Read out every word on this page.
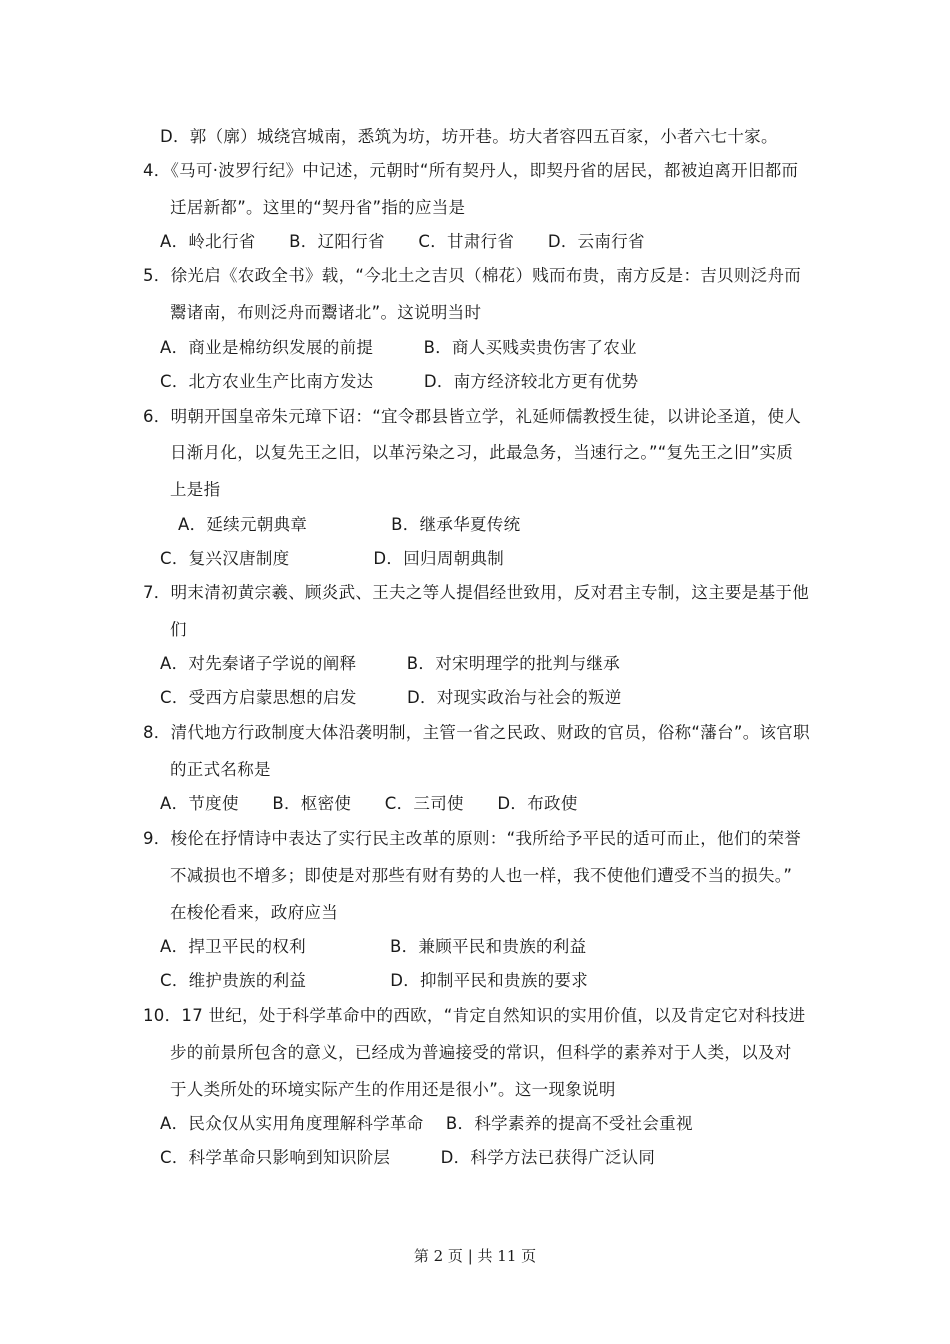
D．郭（廓）城绕宫城南，悉筑为坊，坊开巷。坊大者容四五百家，小者六七十家。
4．《马可·波罗行纪》中记述，元朝时“所有契丹人，即契丹省的居民，都被迫离开旧都而
迁居新都”。这里的“契丹省”指的应当是
A．岭北行省　　B．辽阳行省　　C．甘肃行省　　D．云南行省
5．徐光启《农政全书》载，“今北土之吉贝（棉花）贱而布贵，南方反是：吉贝则泛舟而
鬻诸南，布则泛舟而鬻诸北”。这说明当时
A．商业是棉纺织发展的前提　　　B．商人买贱卖贵伤害了农业
C．北方农业生产比南方发达　　　D．南方经济较北方更有优势
6．明朝开国皇帝朱元璋下诏：“宜令郡县皆立学，礼延师儒教授生徒，以讲论圣道，使人
日渐月化，以复先王之旧，以革污染之习，此最急务，当速行之。”“复先王之旧”实质
上是指
A．延续元朝典章　　　　　B．继承华夏传统
C．复兴汉唐制度　　　　　D．回归周朝典制
7．明末清初黄宗羲、顾炎武、王夫之等人提倡经世致用，反对君主专制，这主要是基于他
们
A．对先秦诸子学说的阐释　　　B．对宋明理学的批判与继承
C．受西方启蒙思想的启发　　　D．对现实政治与社会的叛逆
8．清代地方行政制度大体沿袭明制，主管一省之民政、财政的官员，俗称“藩台”。该官职
的正式名称是
A．节度使　　B．枢密使　　C．三司使　　D．布政使
9．梭伦在抒情诗中表达了实行民主改革的原则：“我所给予平民的适可而止，他们的荣誉
不减损也不增多；即使是对那些有财有势的人也一样，我不使他们遭受不当的损失。”
在梭伦看来，政府应当
A．捍卫平民的权利　　　　　B．兼顾平民和贵族的利益
C．维护贵族的利益　　　　　D．抑制平民和贵族的要求
10．17 世纪，处于科学革命中的西欧，“肯定自然知识的实用价值，以及肯定它对科技进
步的前景所包含的意义，已经成为普遍接受的常识，但科学的素养对于人类，以及对
于人类所处的环境实际产生的作用还是很小”。这一现象说明
A．民众仅从实用角度理解科学革命　 B．科学素养的提高不受社会重视
C．科学革命只影响到知识阶层　　　D．科学方法已获得广泛认同
第 2 页 | 共 11 页
